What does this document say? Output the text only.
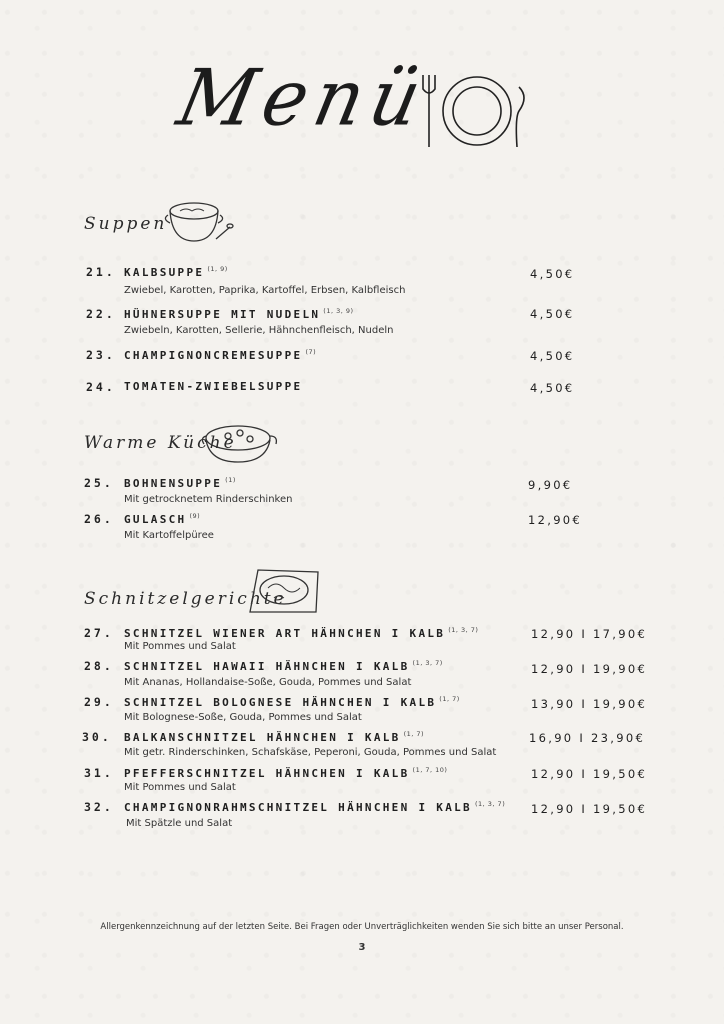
Menü
Suppen
Warme Küche
Schnitzelgerichte
21. KALBSUPPE $^{(1, 9)}$
Zwiebel, Karotten, Paprika, Kartoffel, Erbsen, Kalbfleisch
4,50€
22. HÜHNERSUPPE MIT NUDELN $^{(1, 3, 9)}$
Zwiebeln, Karotten, Sellerie, Hähnchenfleisch, Nudeln
4,50€
23. CHAMPIGNONCREMESUPPE $^{(7)}$	4,50€
24. TOMATEN-ZWIEBELSUPPE	4,50€
25. BOHNENSUPPE $^{(1)}$
Mit getrocknetem Rinderschinken
9,90€
26. GULASCH $^{(9)}$
Mit Kartoffelpüree
12,90€
27. SCHNITZEL WIENER ART HÄHNCHEN I KALB $^{(1, 3, 7)}$
Mit Pommes und Salat
12,90 I 17,90€
28. SCHNITZEL HAWAII HÄHNCHEN I KALB $^{(1, 3, 7)}$
Mit Ananas, Hollandaise-Soße, Gouda, Pommes und Salat
12,90 I 19,90€
29. SCHNITZEL BOLOGNESE HÄHNCHEN I KALB $^{(1, 7)}$
Mit Bolognese-Soße, Gouda, Pommes und Salat
13,90 I 19,90€
30. BALKANSCHNITZEL HÄHNCHEN I KALB $^{(1, 7)}$
Mit getr. Rinderschinken, Schafskäse, Peperoni, Gouda, Pommes und Salat
16,90 I 23,90€
31. PFEFFERSCHNITZEL HÄHNCHEN I KALB $^{(1, 7, 10)}$
Mit Pommes und Salat
12,90 I 19,50€
32. CHAMPIGNONRAHMSCHNITZEL HÄHNCHEN I KALB $^{(1, 3, 7)}$
Mit Spätzle und Salat
12,90 I 19,50€
Allergenkennzeichnung auf der letzten Seite. Bei Fragen oder Unverträglichkeiten wenden Sie sich bitte an unser Personal.
3
